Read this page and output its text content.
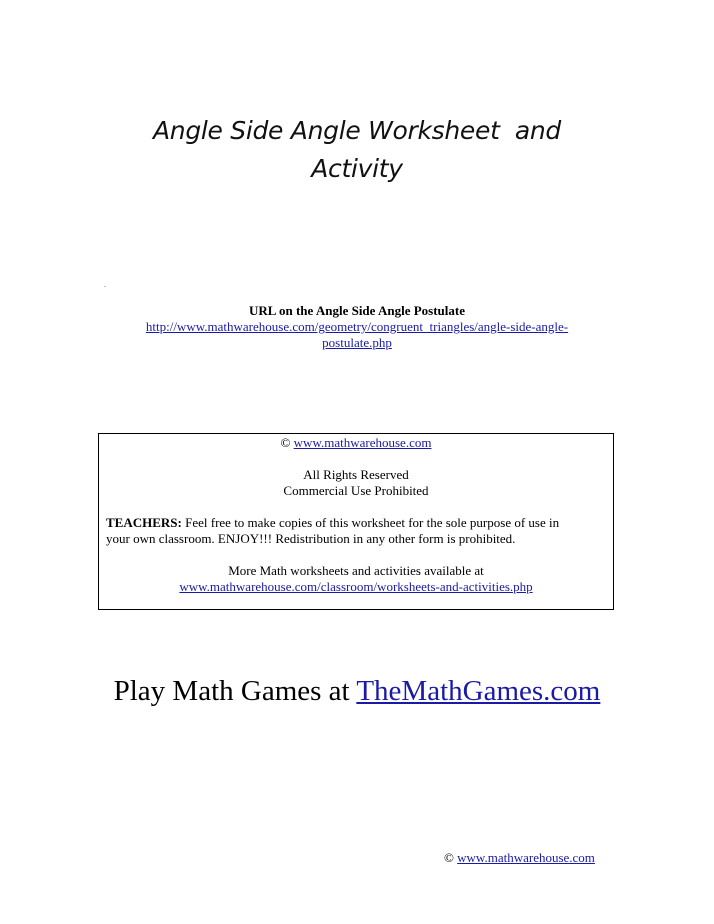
Angle Side Angle Worksheet  and
Activity
.
URL on the Angle Side Angle Postulate
http://www.mathwarehouse.com/geometry/congruent_triangles/angle-side-angle-
postulate.php
© www.mathwarehouse.com
All Rights Reserved
Commercial Use Prohibited
TEACHERS: Feel free to make copies of this worksheet for the sole purpose of use in
your own classroom. ENJOY!!! Redistribution in any other form is prohibited.
More Math worksheets and activities available at
www.mathwarehouse.com/classroom/worksheets-and-activities.php
Play Math Games at TheMathGames.com
© www.mathwarehouse.com
